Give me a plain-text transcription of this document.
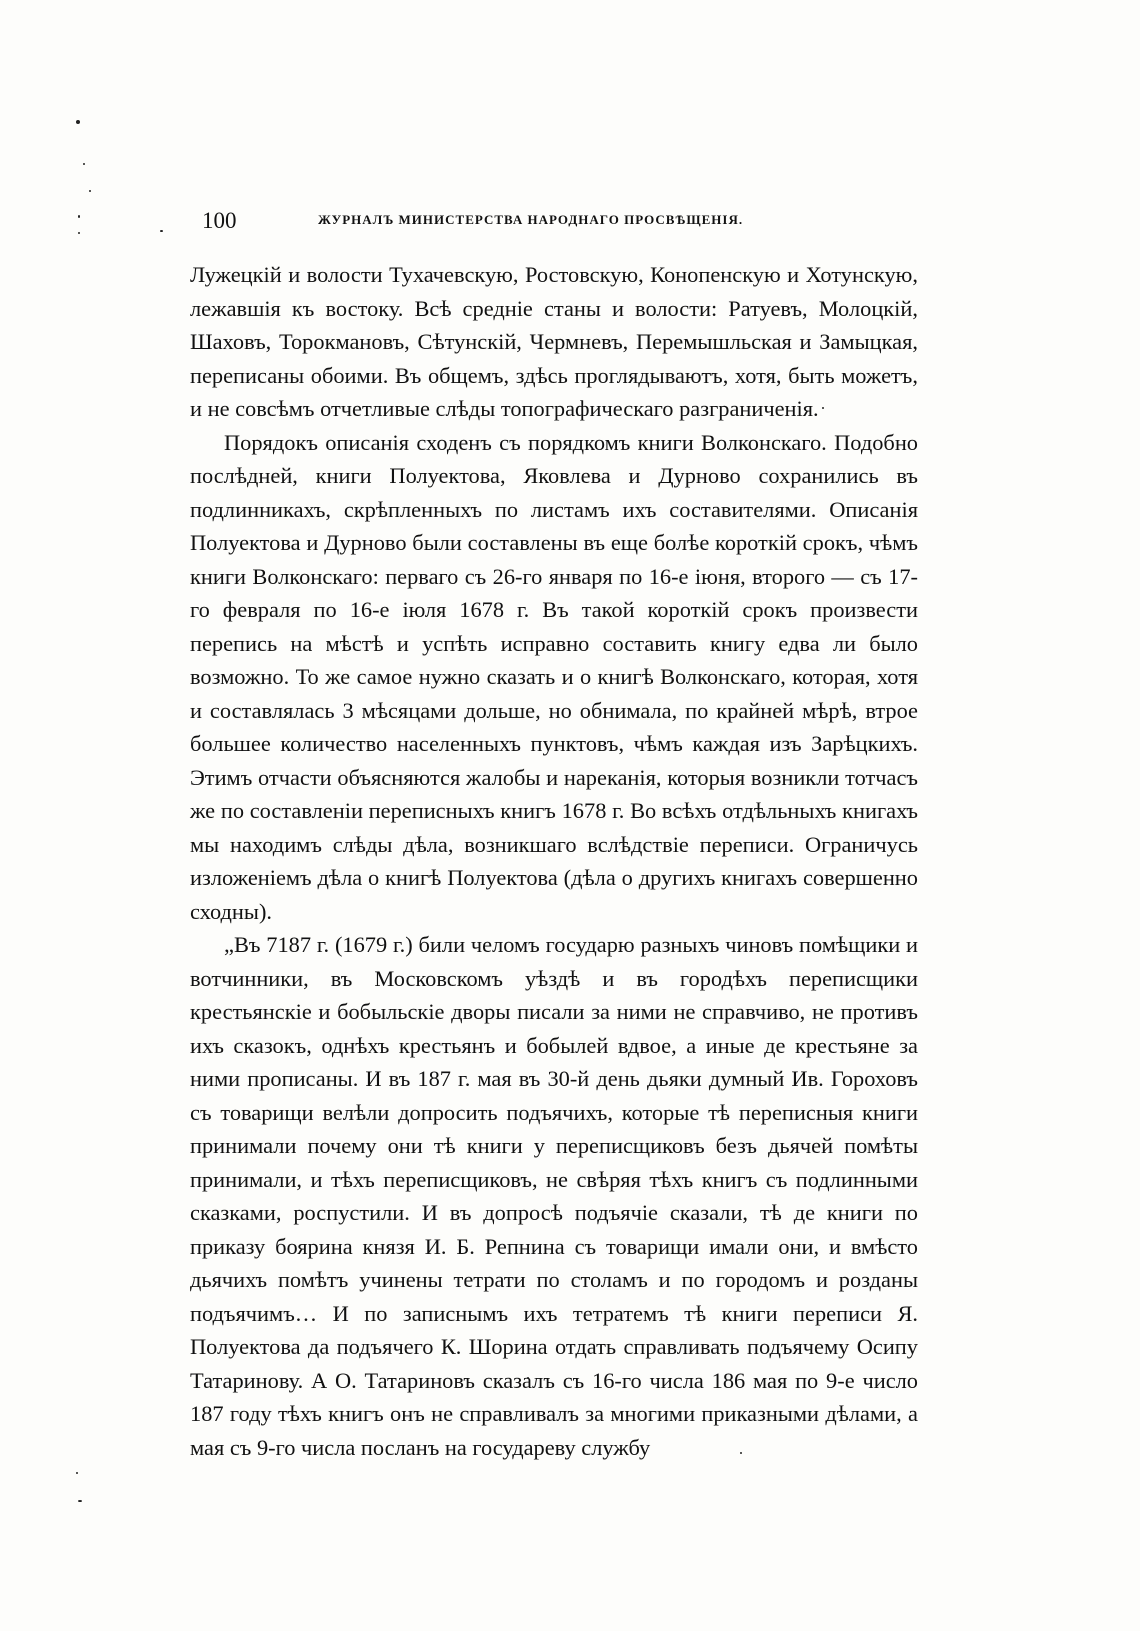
100	ЖУРНАЛЪ МИНИСТЕРСТВА НАРОДНАГО ПРОСВѢЩЕНІЯ.

Лужецкій и волости Тухачевскую, Ростовскую, Конопенскую и Хотунскую, лежавшія къ востоку. Всѣ средніе станы и волости: Ратуевъ, Молоцкій, Шаховъ, Торокмановъ, Сѣтунскій, Чермневъ, Перемышльская и Замыцкая, переписаны обоими. Въ общемъ, здѣсь проглядываютъ, хотя, быть можетъ, и не совсѣмъ отчетливые слѣды топографическаго разграниченія.

Порядокъ описанія сходенъ съ порядкомъ книги Волконскаго. Подобно послѣдней, книги Полуектова, Яковлева и Дурново сохранились въ подлинникахъ, скрѣпленныхъ по листамъ ихъ составителями. Описанія Полуектова и Дурново были составлены въ еще болѣе короткій срокъ, чѣмъ книги Волконскаго: перваго съ 26-го января по 16-е іюня, второго — съ 17-го февраля по 16-е іюля 1678 г. Въ такой короткій срокъ произвести перепись на мѣстѣ и успѣть исправно составить книгу едва ли было возможно. То же самое нужно сказать и о книгѣ Волконскаго, которая, хотя и составлялась 3 мѣсяцами дольше, но обнимала, по крайней мѣрѣ, втрое большее количество населенныхъ пунктовъ, чѣмъ каждая изъ Зарѣцкихъ. Этимъ отчасти объясняются жалобы и нареканія, которыя возникли тотчасъ же по составленіи переписныхъ книгъ 1678 г. Во всѣхъ отдѣльныхъ книгахъ мы находимъ слѣды дѣла, возникшаго вслѣдствіе переписи. Ограничусь изложеніемъ дѣла о книгѣ Полуектова (дѣла о другихъ книгахъ совершенно сходны).

„Въ 7187 г. (1679 г.) били челомъ государю разныхъ чиновъ помѣщики и вотчинники, въ Московскомъ уѣздѣ и въ городѣхъ переписщики крестьянскіе и бобыльскіе дворы писали за ними не справчиво, не противъ ихъ сказокъ, однѣхъ крестьянъ и бобылей вдвое, а иные де крестьяне за ними прописаны. И въ 187 г. мая въ 30-й день дьяки думный Ив. Гороховъ съ товарищи велѣли допросить подъячихъ, которые тѣ переписныя книги принимали почему они тѣ книги у переписщиковъ безъ дьячей помѣты принимали, и тѣхъ переписщиковъ, не свѣряя тѣхъ книгъ съ подлинными сказками, роспустили. И въ допросѣ подъячіе сказали, тѣ де книги по приказу боярина князя И. Б. Репнина съ товарищи имали они, и вмѣсто дьячихъ помѣтъ учинены тетрати по столамъ и по городомъ и розданы подъячимъ… И по записнымъ ихъ тетратемъ тѣ книги переписи Я. Полуектова да подъячего К. Шорина отдать справливать подъячему Осипу Татаринову. А О. Татариновъ сказалъ съ 16-го числа 186 мая по 9-е число 187 году тѣхъ книгъ онъ не справливалъ за многими приказными дѣлами, а мая съ 9-го числа посланъ на государеву службу
